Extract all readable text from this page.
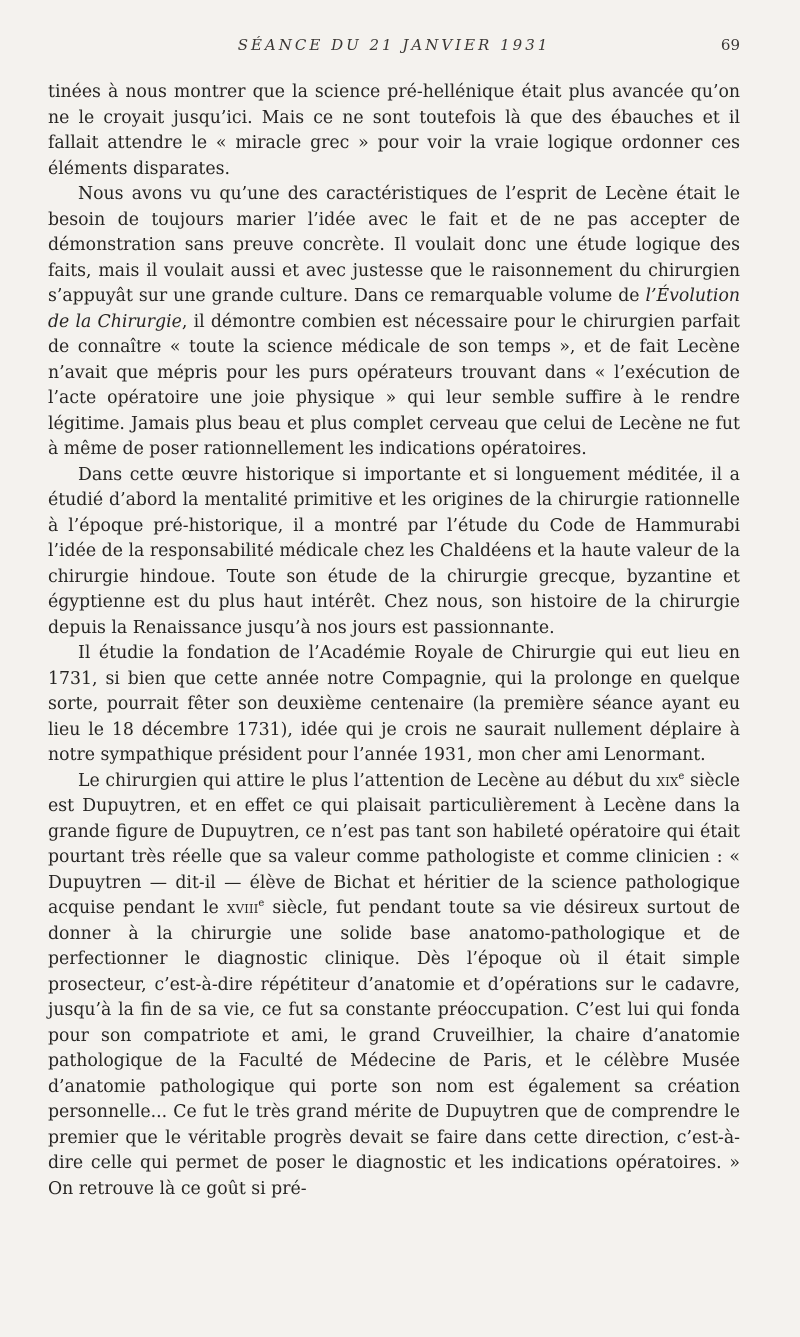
SÉANCE DU 21 JANVIER 1931	69

tinées à nous montrer que la science pré-hellénique était plus avancée qu’on ne le croyait jusqu’ici. Mais ce ne sont toutefois là que des ébauches et il fallait attendre le « miracle grec » pour voir la vraie logique ordonner ces éléments disparates.

Nous avons vu qu’une des caractéristiques de l’esprit de Lecène était le besoin de toujours marier l’idée avec le fait et de ne pas accepter de démonstration sans preuve concrète. Il voulait donc une étude logique des faits, mais il voulait aussi et avec justesse que le raisonnement du chirurgien s’appuyât sur une grande culture. Dans ce remarquable volume de l’Évolution de la Chirurgie, il démontre combien est nécessaire pour le chirurgien parfait de connaître « toute la science médicale de son temps », et de fait Lecène n’avait que mépris pour les purs opérateurs trouvant dans « l’exécution de l’acte opératoire une joie physique » qui leur semble suffire à le rendre légitime. Jamais plus beau et plus complet cerveau que celui de Lecène ne fut à même de poser rationnellement les indications opératoires.

Dans cette œuvre historique si importante et si longuement méditée, il a étudié d’abord la mentalité primitive et les origines de la chirurgie rationnelle à l’époque pré-historique, il a montré par l’étude du Code de Hammurabi l’idée de la responsabilité médicale chez les Chaldéens et la haute valeur de la chirurgie hindoue. Toute son étude de la chirurgie grecque, byzantine et égyptienne est du plus haut intérêt. Chez nous, son histoire de la chirurgie depuis la Renaissance jusqu’à nos jours est passionnante.

Il étudie la fondation de l’Académie Royale de Chirurgie qui eut lieu en 1731, si bien que cette année notre Compagnie, qui la prolonge en quelque sorte, pourrait fêter son deuxième centenaire (la première séance ayant eu lieu le 18 décembre 1731), idée qui je crois ne saurait nullement déplaire à notre sympathique président pour l’année 1931, mon cher ami Lenormant.

Le chirurgien qui attire le plus l’attention de Lecène au début du xix$^e$ siècle est Dupuytren, et en effet ce qui plaisait particulièrement à Lecène dans la grande figure de Dupuytren, ce n’est pas tant son habileté opératoire qui était pourtant très réelle que sa valeur comme pathologiste et comme clinicien : « Dupuytren — dit-il — élève de Bichat et héritier de la science pathologique acquise pendant le xviii$^e$ siècle, fut pendant toute sa vie désireux surtout de donner à la chirurgie une solide base anatomo-pathologique et de perfectionner le diagnostic clinique. Dès l’époque où il était simple prosecteur, c’est-à-dire répétiteur d’anatomie et d’opérations sur le cadavre, jusqu’à la fin de sa vie, ce fut sa constante préoccupation. C’est lui qui fonda pour son compatriote et ami, le grand Cruveilhier, la chaire d’anatomie pathologique de la Faculté de Médecine de Paris, et le célèbre Musée d’anatomie pathologique qui porte son nom est également sa création personnelle... Ce fut le très grand mérite de Dupuytren que de comprendre le premier que le véritable progrès devait se faire dans cette direction, c’est-à-dire celle qui permet de poser le diagnostic et les indications opératoires. » On retrouve là ce goût si pré-
